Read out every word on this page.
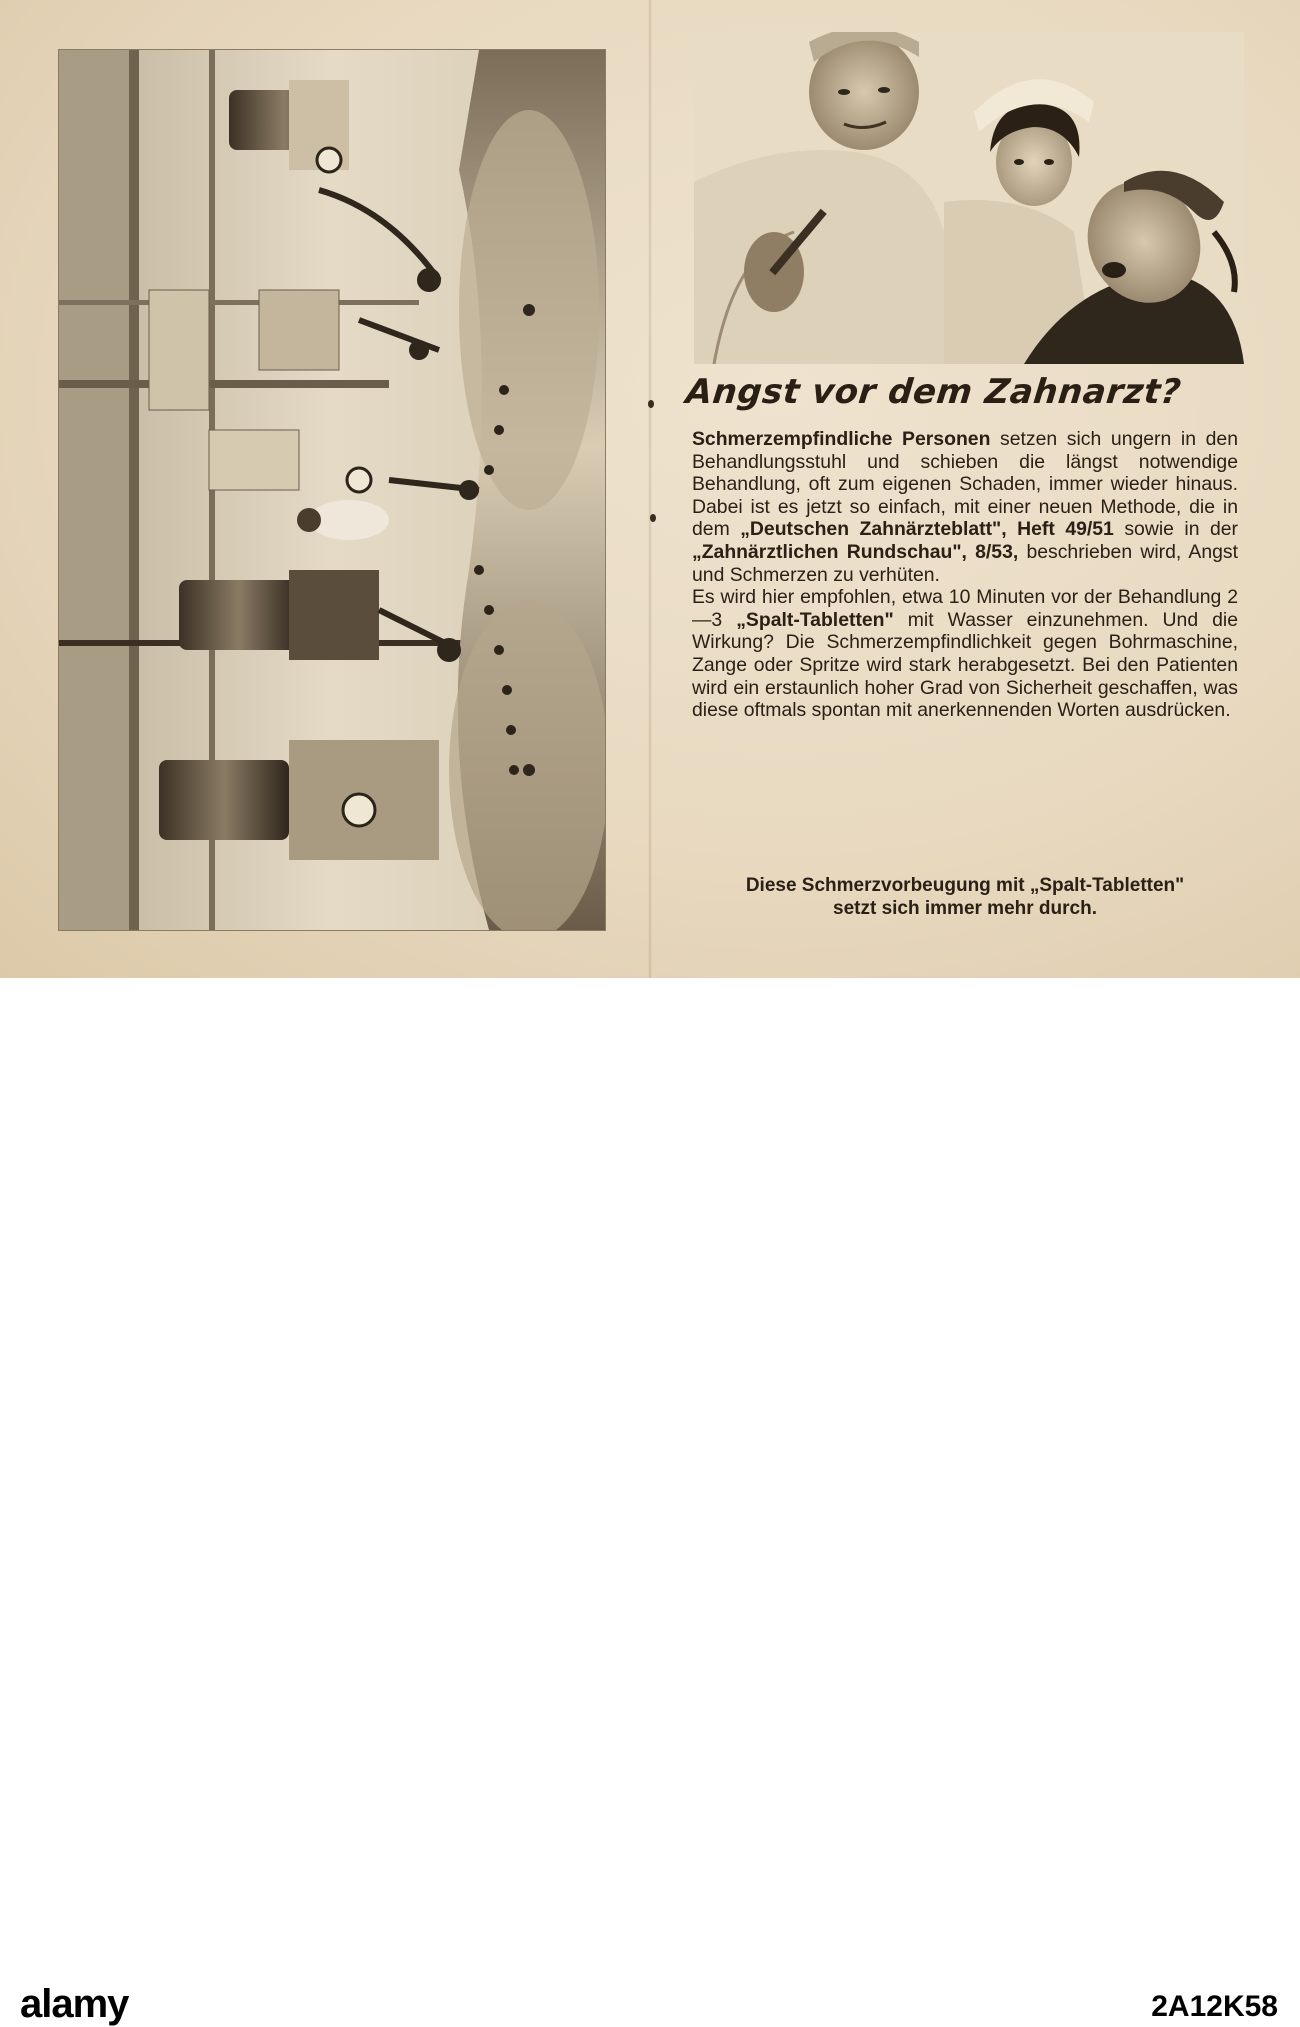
Angst vor dem Zahnarzt?

Schmerzempfindliche Personen setzen sich ungern in den Behandlungsstuhl und schieben die längst notwendige Behandlung, oft zum eigenen Schaden, immer wieder hinaus. Dabei ist es jetzt so einfach, mit einer neuen Methode, die in dem „Deutschen Zahnärzteblatt", Heft 49/51 sowie in der „Zahnärztlichen Rundschau", 8/53, beschrieben wird, Angst und Schmerzen zu verhüten.

Es wird hier empfohlen, etwa 10 Minuten vor der Behandlung 2—3 „Spalt-Tabletten" mit Wasser einzunehmen. Und die Wirkung? Die Schmerzempfindlichkeit gegen Bohrmaschine, Zange oder Spritze wird stark herabgesetzt. Bei den Patienten wird ein erstaunlich hoher Grad von Sicherheit geschaffen, was diese oftmals spontan mit anerkennenden Worten ausdrücken.

Diese Schmerzvorbeugung mit „Spalt-Tabletten"
setzt sich immer mehr durch.
alamy	2A12K58
